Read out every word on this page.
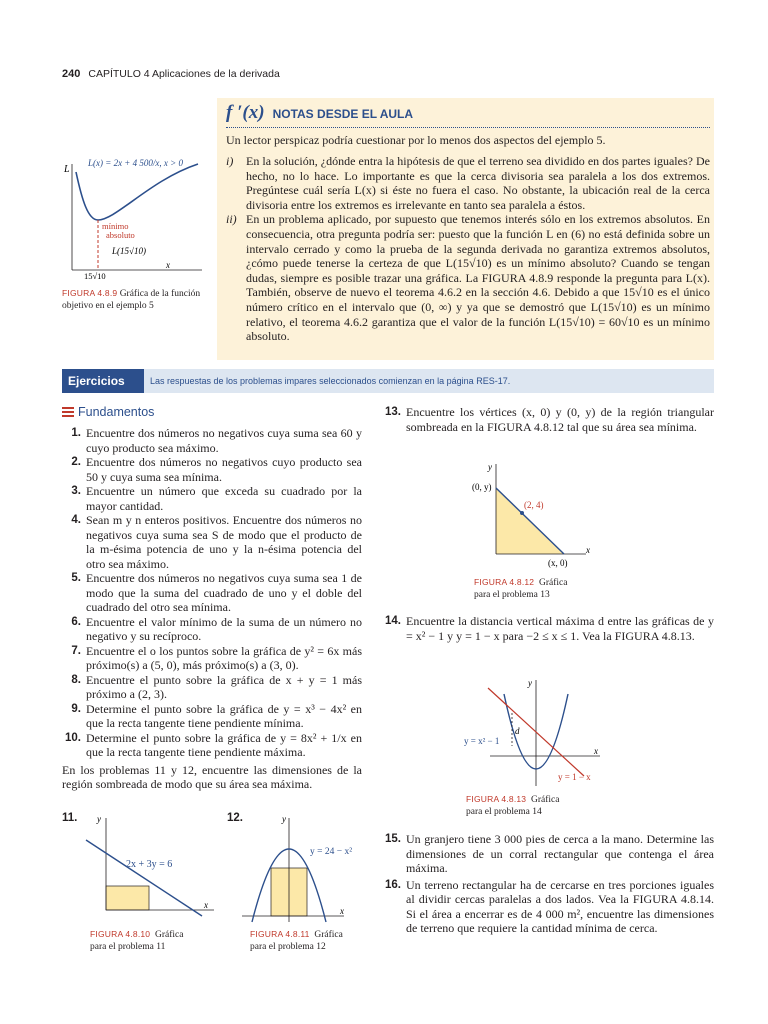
240 CAPÍTULO 4 Aplicaciones de la derivada
L
x
L(x) = 2x + 4 500/x, x > 0
mínimo
absoluto
L(15√10)
15√10
FIGURA 4.8.9 Gráfica de la función objetivo en el ejemplo 5
f ′(x) NOTAS DESDE EL AULA
Un lector perspicaz podría cuestionar por lo menos dos aspectos del ejemplo 5.
i)	En la solución, ¿dónde entra la hipótesis de que el terreno sea dividido en dos partes iguales? De hecho, no lo hace. Lo importante es que la cerca divisoria sea paralela a los dos extremos. Pregúntese cuál sería L(x) si éste no fuera el caso. No obstante, la ubicación real de la cerca divisoria entre los extremos es irrelevante en tanto sea paralela a éstos.
ii) En un problema aplicado, por supuesto que tenemos interés sólo en los extremos absolutos. En consecuencia, otra pregunta podría ser: puesto que la función L en (6) no está definida sobre un intervalo cerrado y como la prueba de la segunda derivada no garantiza extremos absolutos, ¿cómo puede tenerse la certeza de que L(15√10) es un mínimo absoluto? Cuando se tengan dudas, siempre es posible trazar una gráfica. La FIGURA 4.8.9 responde la pregunta para L(x). También, observe de nuevo el teorema 4.6.2 en la sección 4.6. Debido a que 15√10 es el único número crítico en el intervalo que (0, ∞) y ya que se demostró que L(15√10) es un mínimo relativo, el teorema 4.6.2 garantiza que el valor de la función L(15√10) = 60√10 es un mínimo absoluto.
Ejercicios 4.8
Las respuestas de los problemas impares seleccionados comienzan en la página RES-17.
Fundamentos
1. Encuentre dos números no negativos cuya suma sea 60 y cuyo producto sea máximo.
2. Encuentre dos números no negativos cuyo producto sea 50 y cuya suma sea mínima.
3. Encuentre un número que exceda su cuadrado por la mayor cantidad.
4. Sean m y n enteros positivos. Encuentre dos números no negativos cuya suma sea S de modo que el producto de la m-ésima potencia de uno y la n-ésima potencia del otro sea máximo.
5. Encuentre dos números no negativos cuya suma sea 1 de modo que la suma del cuadrado de uno y el doble del cuadrado del otro sea mínima.
6. Encuentre el valor mínimo de la suma de un número no negativo y su recíproco.
7. Encuentre el o los puntos sobre la gráfica de y² = 6x más próximo(s) a (5, 0), más próximo(s) a (3, 0).
8. Encuentre el punto sobre la gráfica de x + y = 1 más próximo a (2, 3).
9. Determine el punto sobre la gráfica de y = x³ − 4x² en que la recta tangente tiene pendiente mínima.
10. Determine el punto sobre la gráfica de y = 8x² + 1/x en que la recta tangente tiene pendiente máxima.
En los problemas 11 y 12, encuentre las dimensiones de la región sombreada de modo que su área sea máxima.
11.	12.
2x + 3y = 6
x
y
FIGURA 4.8.10 Gráfica
para el problema 11
y = 24 − x²
x
y
FIGURA 4.8.11 Gráfica
para el problema 12
13. Encuentre los vértices (x, 0) y (0, y) de la región triangular sombreada en la FIGURA 4.8.12 tal que su área sea mínima.
(0, y)
(2, 4)
(x, 0)
x
y
FIGURA 4.8.12 Gráfica
para el problema 13
14. Encuentre la distancia vertical máxima d entre las gráficas de y = x² − 1 y y = 1 − x para −2 ≤ x ≤ 1. Vea la FIGURA 4.8.13.
d
y = x² − 1
y = 1 − x
x
y
FIGURA 4.8.13 Gráfica
para el problema 14
15. Un granjero tiene 3 000 pies de cerca a la mano. Determine las dimensiones de un corral rectangular que contenga el área máxima.
16. Un terreno rectangular ha de cercarse en tres porciones iguales al dividir cercas paralelas a dos lados. Vea la FIGURA 4.8.14. Si el área a encerrar es de 4 000 m², encuentre las dimensiones de terreno que requiere la cantidad mínima de cerca.
